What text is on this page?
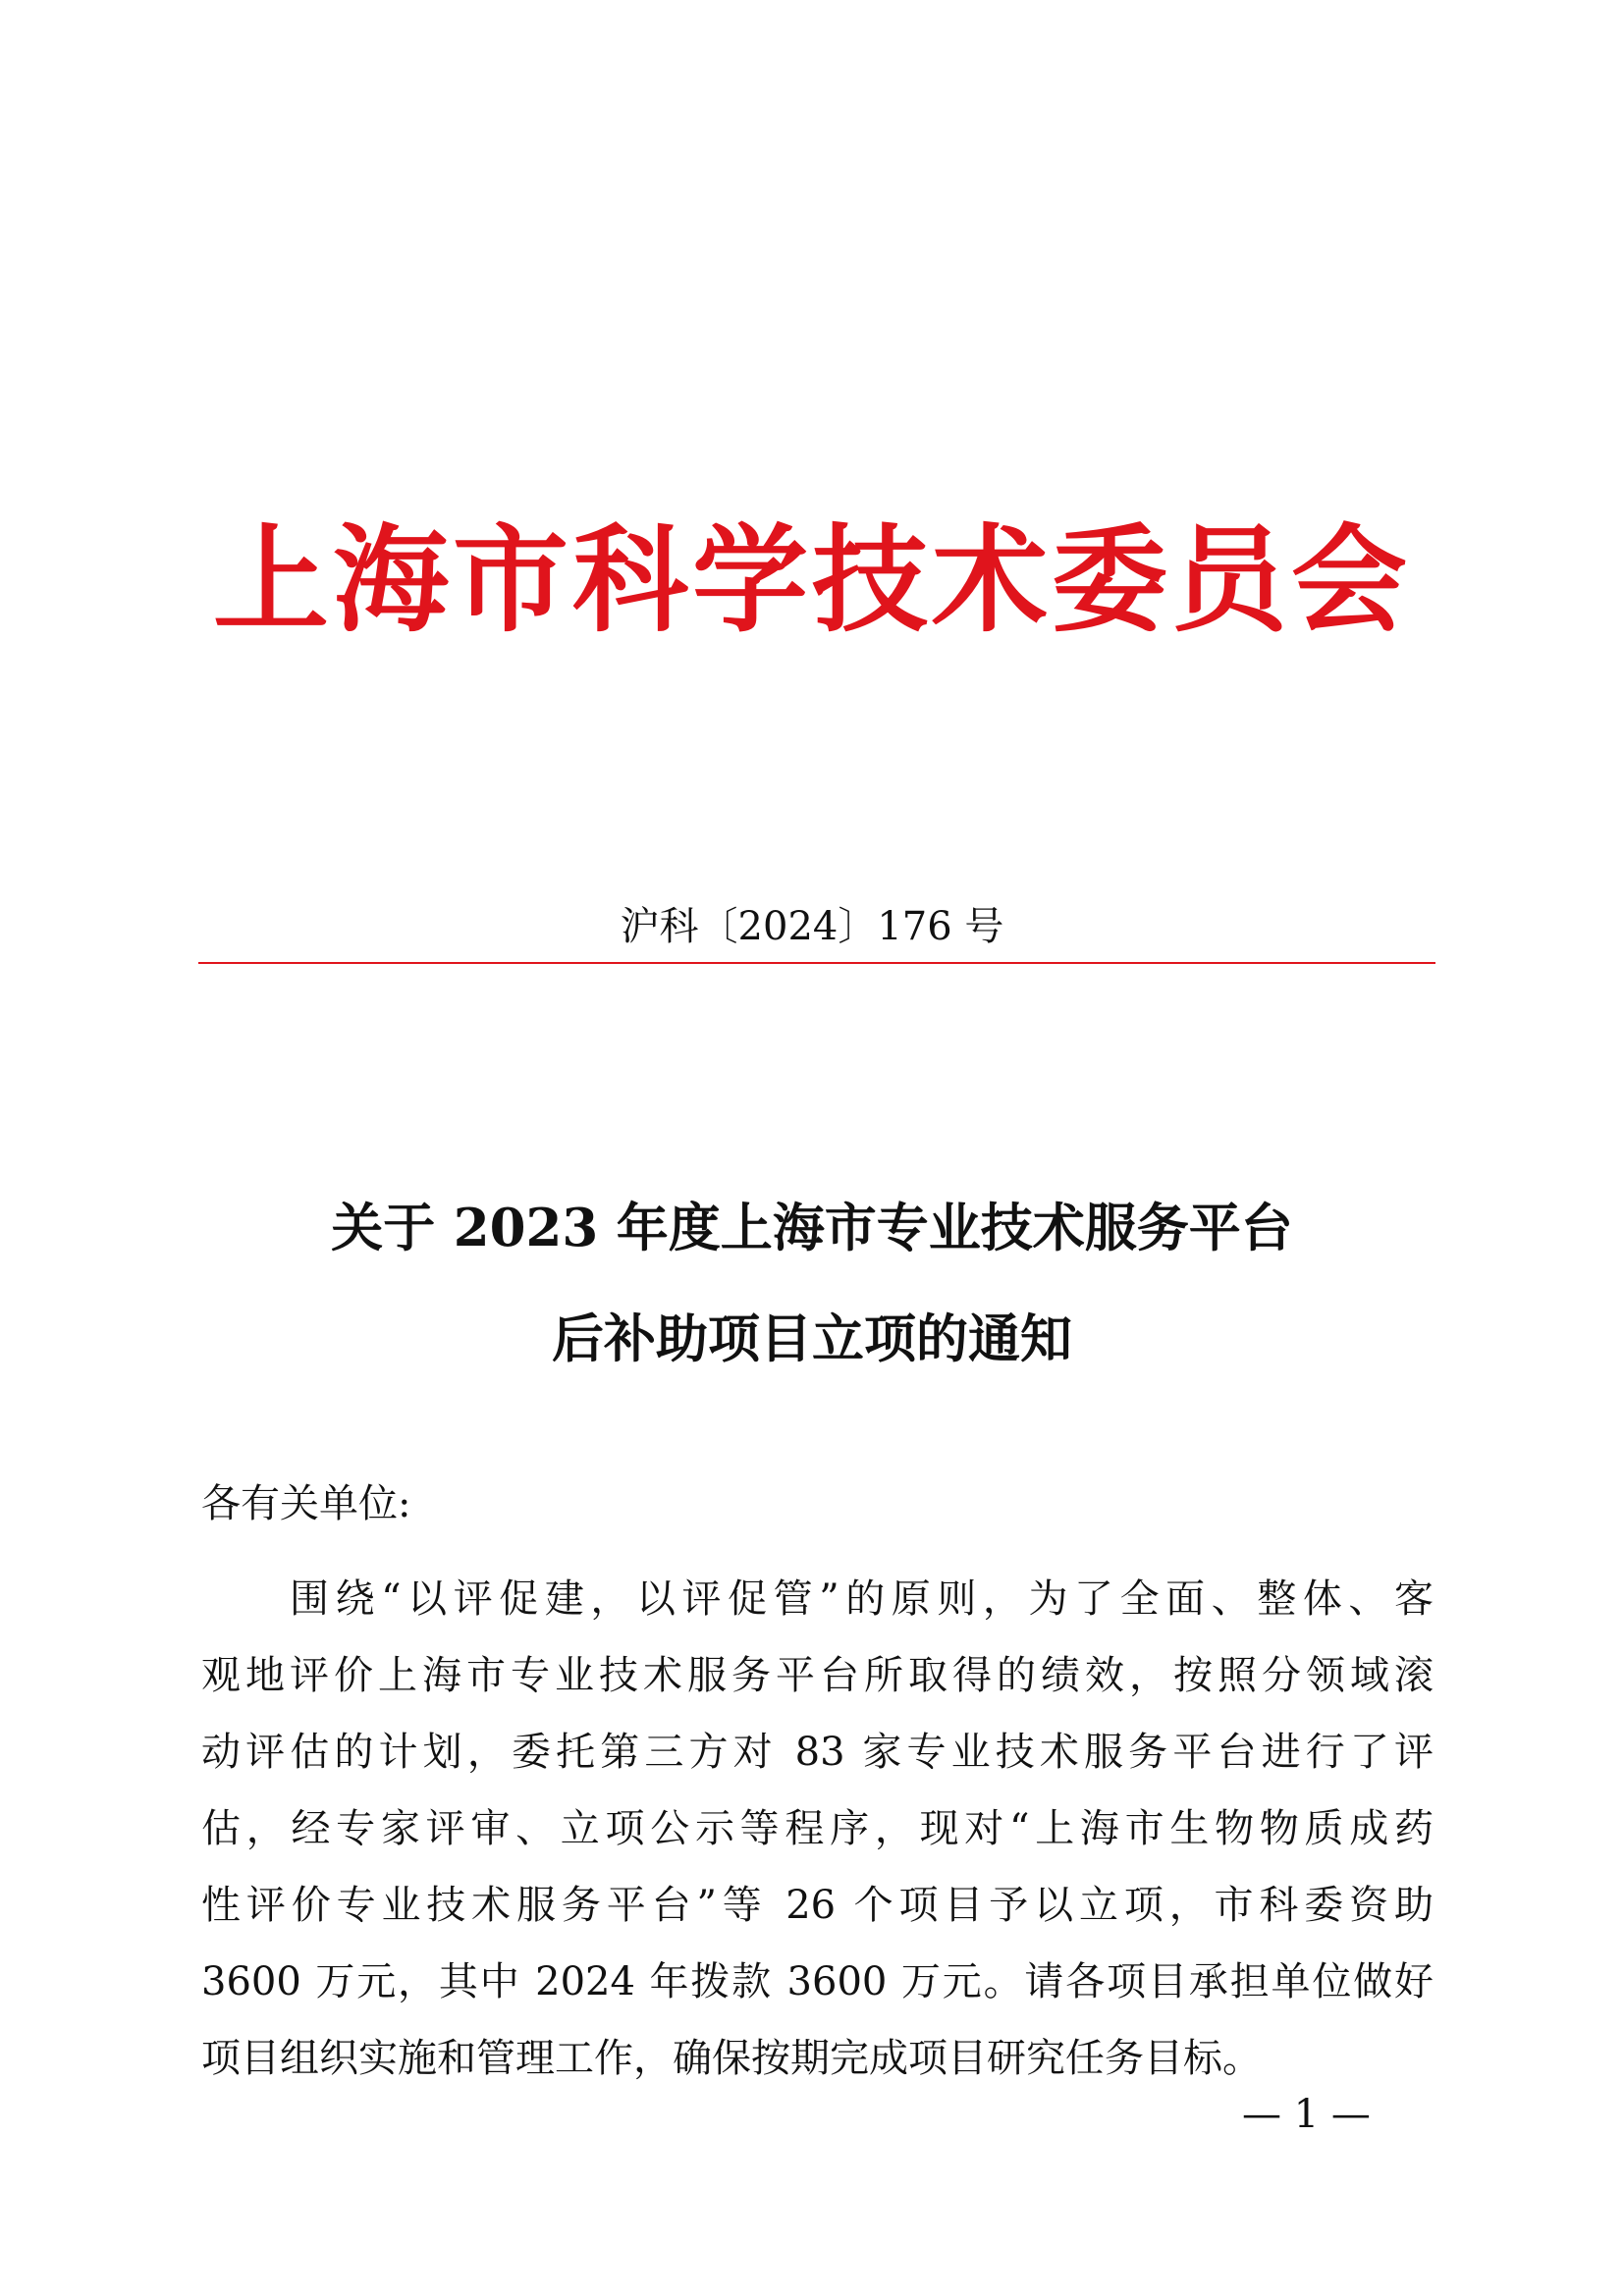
上海市科学技术委员会
沪科〔2024〕176 号
关于 2023 年度上海市专业技术服务平台
后补助项目立项的通知
各有关单位:
围绕“以评促建，以评促管”的原则，为了全面、整体、客
观地评价上海市专业技术服务平台所取得的绩效，按照分领域滚
动评估的计划，委托第三方对 83 家专业技术服务平台进行了评
估，经专家评审、立项公示等程序，现对“上海市生物物质成药
性评价专业技术服务平台”等 26 个项目予以立项，市科委资助
3600 万元，其中 2024 年拨款 3600 万元。请各项目承担单位做好
项目组织实施和管理工作，确保按期完成项目研究任务目标。
— 1 —
